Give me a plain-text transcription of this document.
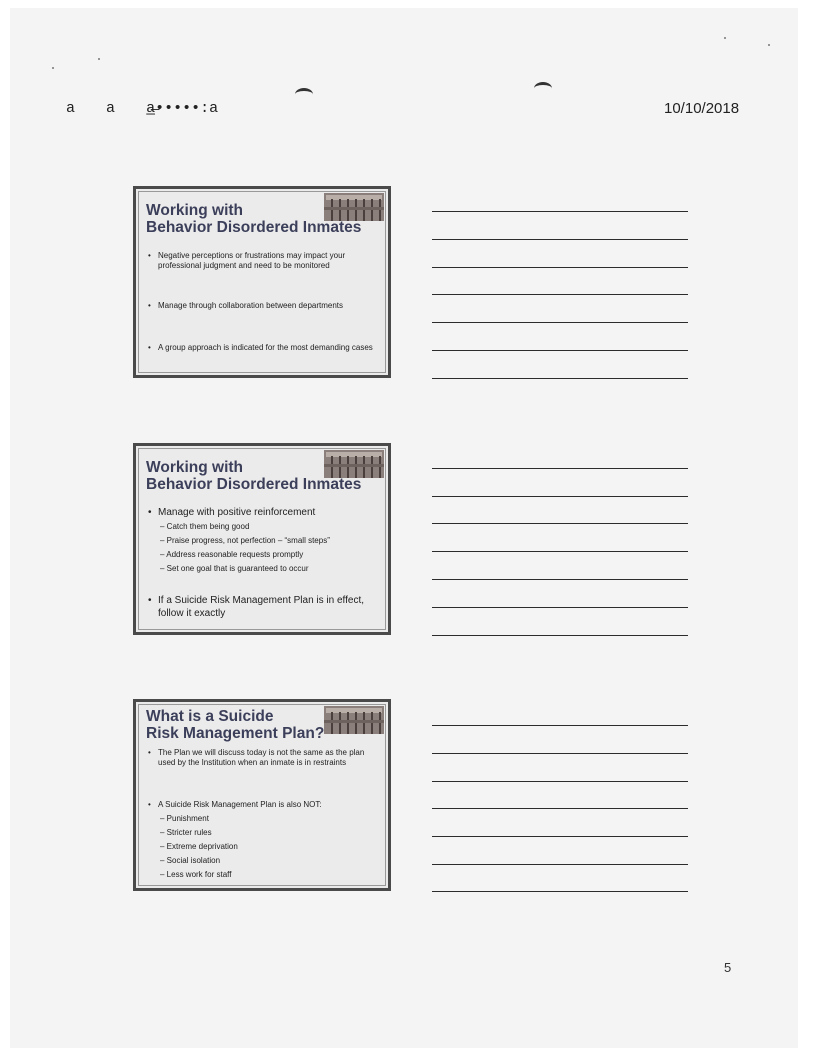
a a a̶̲•••••:a	10/10/2018
Working with
Behavior Disordered Inmates
• Negative perceptions or frustrations may impact your professional judgment and need to be monitored
• Manage through collaboration between departments
• A group approach is indicated for the most demanding cases
Working with
Behavior Disordered Inmates
• Manage with positive reinforcement
– Catch them being good
– Praise progress, not perfection – “small steps”
– Address reasonable requests promptly
– Set one goal that is guaranteed to occur
• If a Suicide Risk Management Plan is in effect, follow it exactly
What is a Suicide
Risk Management Plan?
• The Plan we will discuss today is not the same as the plan used by the Institution when an inmate is in restraints
• A Suicide Risk Management Plan is also NOT:
– Punishment
– Stricter rules
– Extreme deprivation
– Social isolation
– Less work for staff
5
